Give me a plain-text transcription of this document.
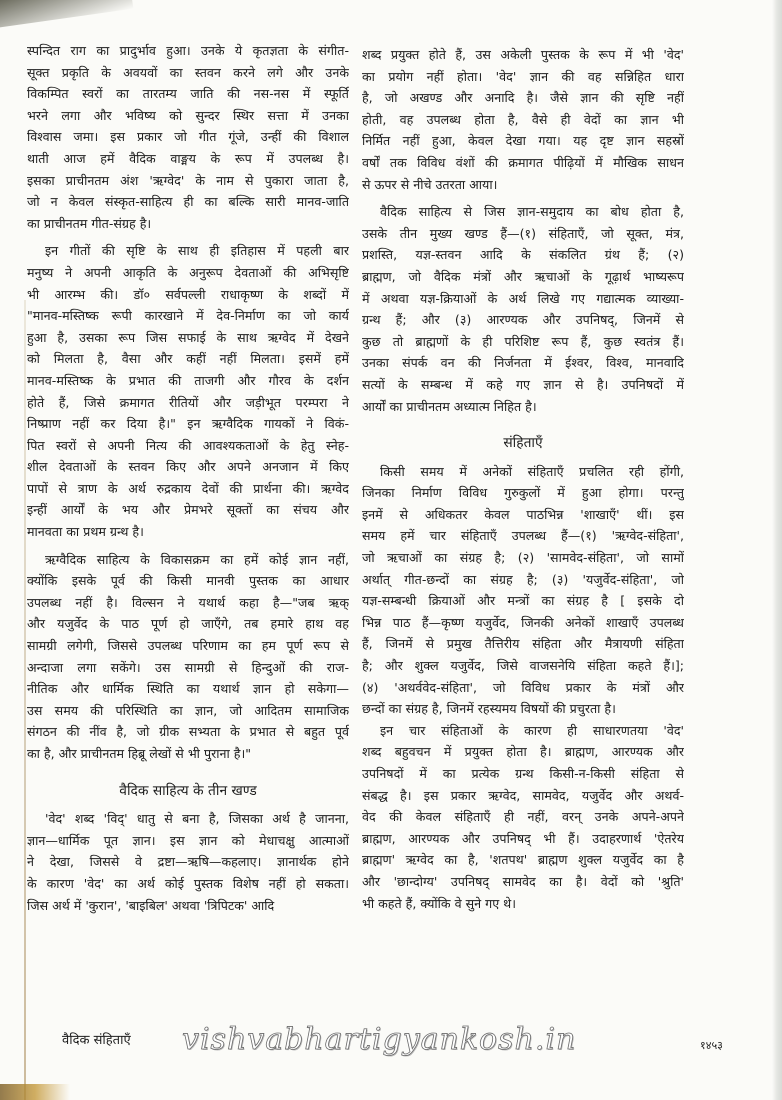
स्पन्दित राग का प्रादुर्भाव हुआ। उनके ये कृतज्ञता के संगीत-
सूक्त प्रकृति के अवयवों का स्तवन करने लगे और उनके
विकम्पित स्वरों का तारतम्य जाति की नस-नस में स्फूर्ति
भरने लगा और भविष्य को सुन्दर स्थिर सत्ता में उनका
विश्वास जमा। इस प्रकार जो गीत गूंजे, उन्हीं की विशाल
थाती आज हमें वैदिक वाङ्मय के रूप में उपलब्ध है।
इसका प्राचीनतम अंश 'ऋग्वेद' के नाम से पुकारा जाता है,
जो न केवल संस्कृत-साहित्य ही का बल्कि सारी मानव-जाति
का प्राचीनतम गीत-संग्रह है।
इन गीतों की सृष्टि के साथ ही इतिहास में पहली बार
मनुष्य ने अपनी आकृति के अनुरूप देवताओं की अभिसृष्टि
भी आरम्भ की। डॉ० सर्वपल्ली राधाकृष्ण के शब्दों में
"मानव-मस्तिष्क रूपी कारखाने में देव-निर्माण का जो कार्य
हुआ है, उसका रूप जिस सफाई के साथ ऋग्वेद में देखने
को मिलता है, वैसा और कहीं नहीं मिलता। इसमें हमें
मानव-मस्तिष्क के प्रभात की ताजगी और गौरव के दर्शन
होते हैं, जिसे क्रमागत रीतियों और जड़ीभूत परम्परा ने
निष्प्राण नहीं कर दिया है।" इन ऋग्वैदिक गायकों ने विकं-
पित स्वरों से अपनी नित्य की आवश्यकताओं के हेतु स्नेह-
शील देवताओं के स्तवन किए और अपने अनजान में किए
पापों से त्राण के अर्थ रुद्रकाय देवों की प्रार्थना की। ऋग्वेद
इन्हीं आर्यों के भय और प्रेमभरे सूक्तों का संचय और
मानवता का प्रथम ग्रन्थ है।
ऋग्वैदिक साहित्य के विकासक्रम का हमें कोई ज्ञान नहीं,
क्योंकि इसके पूर्व की किसी मानवी पुस्तक का आधार
उपलब्ध नहीं है। विल्सन ने यथार्थ कहा है—"जब ऋक्
और यजुर्वेद के पाठ पूर्ण हो जाएँगे, तब हमारे हाथ वह
सामग्री लगेगी, जिससे उपलब्ध परिणाम का हम पूर्ण रूप से
अन्दाजा लगा सकेंगे। उस सामग्री से हिन्दुओं की राज-
नीतिक और धार्मिक स्थिति का यथार्थ ज्ञान हो सकेगा—
उस समय की परिस्थिति का ज्ञान, जो आदितम सामाजिक
संगठन की नींव है, जो ग्रीक सभ्यता के प्रभात से बहुत पूर्व
का है, और प्राचीनतम हिब्रू लेखों से भी पुराना है।"
वैदिक साहित्य के तीन खण्ड
'वेद' शब्द 'विद्' धातु से बना है, जिसका अर्थ है जानना,
ज्ञान—धार्मिक पूत ज्ञान। इस ज्ञान को मेधाचक्षु आत्माओं
ने देखा, जिससे वे द्रष्टा—ऋषि—कहलाए। ज्ञानार्थक होने
के कारण 'वेद' का अर्थ कोई पुस्तक विशेष नहीं हो सकता।
जिस अर्थ में 'कुरान', 'बाइबिल' अथवा 'त्रिपिटक' आदि
शब्द प्रयुक्त होते हैं, उस अकेली पुस्तक के रूप में भी 'वेद'
का प्रयोग नहीं होता। 'वेद' ज्ञान की वह सन्निहित धारा
है, जो अखण्ड और अनादि है। जैसे ज्ञान की सृष्टि नहीं
होती, वह उपलब्ध होता है, वैसे ही वेदों का ज्ञान भी
निर्मित नहीं हुआ, केवल देखा गया। यह दृष्ट ज्ञान सहस्रों
वर्षों तक विविध वंशों की क्रमागत पीढ़ियों में मौखिक साधन
से ऊपर से नीचे उतरता आया।
वैदिक साहित्य से जिस ज्ञान-समुदाय का बोध होता है,
उसके तीन मुख्य खण्ड हैं—(१) संहिताएँ, जो सूक्त, मंत्र,
प्रशस्ति, यज्ञ-स्तवन आदि के संकलित ग्रंथ हैं; (२)
ब्राह्मण, जो वैदिक मंत्रों और ऋचाओं के गूढ़ार्थ भाष्यरूप
में अथवा यज्ञ-क्रियाओं के अर्थ लिखे गए गद्यात्मक व्याख्या-
ग्रन्थ हैं; और (३) आरण्यक और उपनिषद्, जिनमें से
कुछ तो ब्राह्मणों के ही परिशिष्ट रूप हैं, कुछ स्वतंत्र हैं।
उनका संपर्क वन की निर्जनता में ईश्वर, विश्व, मानवादि
सत्यों के सम्बन्ध में कहे गए ज्ञान से है। उपनिषदों में
आर्यों का प्राचीनतम अध्यात्म निहित है।
संहिताएँ
किसी समय में अनेकों संहिताएँ प्रचलित रही होंगी,
जिनका निर्माण विविध गुरुकुलों में हुआ होगा। परन्तु
इनमें से अधिकतर केवल पाठभिन्न 'शाखाएँ' थीं। इस
समय हमें चार संहिताएँ उपलब्ध हैं—(१) 'ऋग्वेद-संहिता',
जो ऋचाओं का संग्रह है; (२) 'सामवेद-संहिता', जो सामों
अर्थात् गीत-छन्दों का संग्रह है; (३) 'यजुर्वेद-संहिता', जो
यज्ञ-सम्बन्धी क्रियाओं और मन्त्रों का संग्रह है [ इसके दो
भिन्न पाठ हैं—कृष्ण यजुर्वेद, जिनकी अनेकों शाखाएँ उपलब्ध
हैं, जिनमें से प्रमुख तैत्तिरीय संहिता और मैत्रायणी संहिता
है; और शुक्ल यजुर्वेद, जिसे वाजसनेयि संहिता कहते हैं।];
(४) 'अथर्ववेद-संहिता', जो विविध प्रकार के मंत्रों और
छन्दों का संग्रह है, जिनमें रहस्यमय विषयों की प्रचुरता है।
इन चार संहिताओं के कारण ही साधारणतया 'वेद'
शब्द बहुवचन में प्रयुक्त होता है। ब्राह्मण, आरण्यक और
उपनिषदों में का प्रत्येक ग्रन्थ किसी-न-किसी संहिता से
संबद्ध है। इस प्रकार ऋग्वेद, सामवेद, यजुर्वेद और अथर्व-
वेद की केवल संहिताएँ ही नहीं, वरन् उनके अपने-अपने
ब्राह्मण, आरण्यक और उपनिषद् भी हैं। उदाहरणार्थ 'ऐतरेय
ब्राह्मण' ऋग्वेद का है, 'शतपथ' ब्राह्मण शुक्ल यजुर्वेद का है
और 'छान्दोग्य' उपनिषद् सामवेद का है। वेदों को 'श्रुति'
भी कहते हैं, क्योंकि वे सुने गए थे।
वैदिक संहिताएँ vishvabhartigyankosh.in	१४५३
